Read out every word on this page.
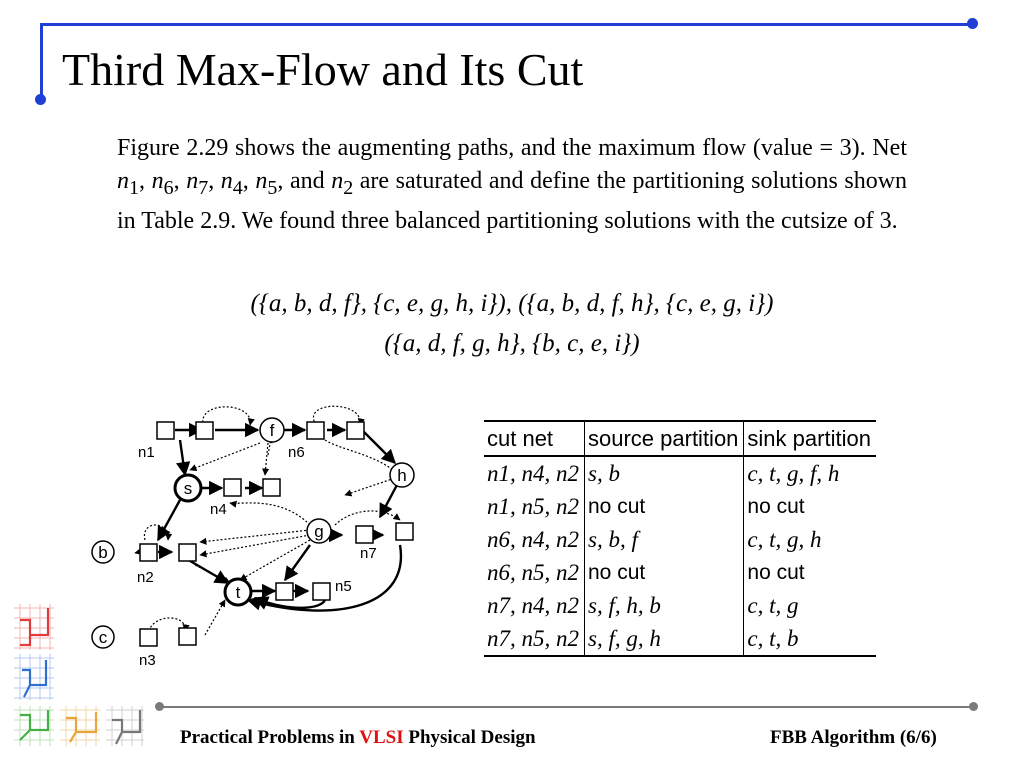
Third Max-Flow and Its Cut
Figure 2.29 shows the augmenting paths, and the maximum flow (value = 3). Net $n_1$, $n_6$, $n_7$, $n_4$, $n_5$, and $n_2$ are saturated and define the partitioning solutions shown in Table 2.9. We found three balanced partitioning solutions with the cutsize of 3.
({a, b, d, f}, {c, e, g, h, i}), ({a, b, d, f, h}, {c, e, g, i})
({a, d, f, g, h}, {b, c, e, i})
f
h
s
g
b
t
c
n1	n6
n4
n7
n2
n5
n3
cut net	source partition	sink partition
n1, n4, n2	s, b	c, t, g, f, h
n1, n5, n2	no cut	no cut
n6, n4, n2	s, b, f	c, t, g, h
n6, n5, n2	no cut	no cut
n7, n4, n2	s, f, h, b	c, t, g
n7, n5, n2	s, f, g, h	c, t, b
Practical Problems in VLSI Physical Design	FBB Algorithm (6/6)
